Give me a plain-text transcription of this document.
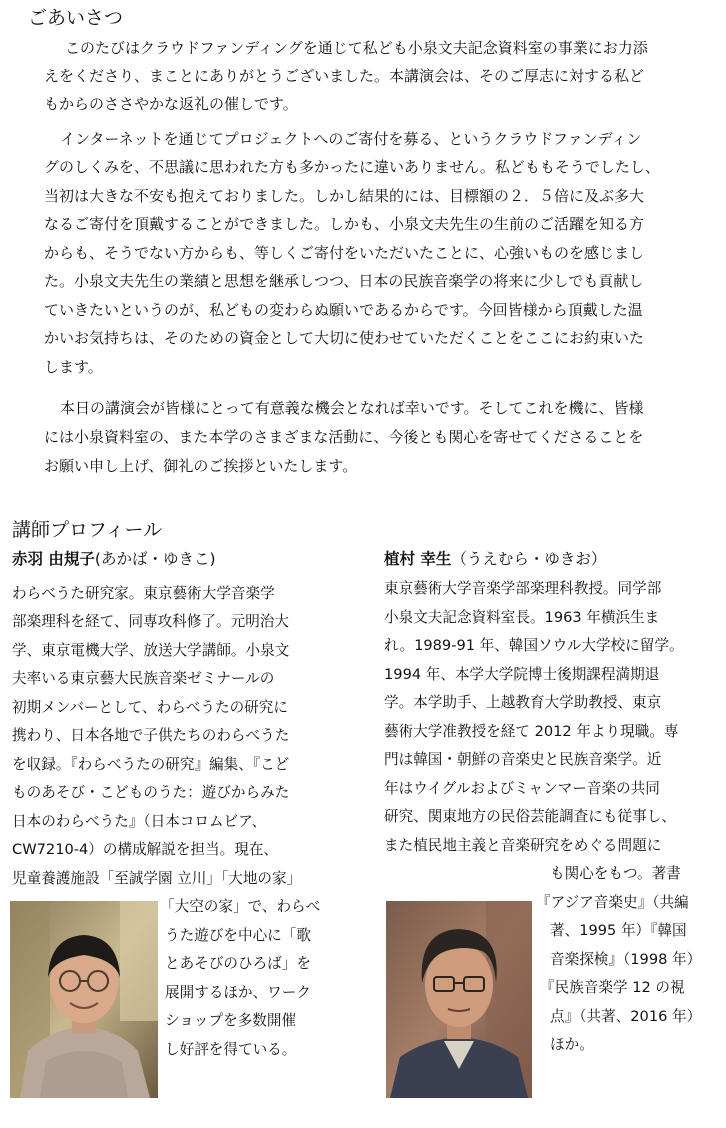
ごあいさつ
このたびはクラウドファンディングを通じて私ども小泉文夫記念資料室の事業にお力添
えをくださり、まことにありがとうございました。本講演会は、そのご厚志に対する私ど
もからのささやかな返礼の催しです。
インターネットを通じてプロジェクトへのご寄付を募る、というクラウドファンディン
グのしくみを、不思議に思われた方も多かったに違いありません。私どももそうでしたし、
当初は大きな不安も抱えておりました。しかし結果的には、目標額の２．５倍に及ぶ多大
なるご寄付を頂戴することができました。しかも、小泉文夫先生の生前のご活躍を知る方
からも、そうでない方からも、等しくご寄付をいただいたことに、心強いものを感じまし
た。小泉文夫先生の業績と思想を継承しつつ、日本の民族音楽学の将来に少しでも貢献し
ていきたいというのが、私どもの変わらぬ願いであるからです。今回皆様から頂戴した温
かいお気持ちは、そのための資金として大切に使わせていただくことをここにお約束いた
します。
本日の講演会が皆様にとって有意義な機会となれば幸いです。そしてこれを機に、皆様
には小泉資料室の、また本学のさまざまな活動に、今後とも関心を寄せてくださることを
お願い申し上げ、御礼のご挨拶といたします。
講師プロフィール
赤羽 由規子(あかば・ゆきこ)
わらべうた研究家。東京藝術大学音楽学
部楽理科を経て、同専攻科修了。元明治大
学、東京電機大学、放送大学講師。小泉文
夫率いる東京藝大民族音楽ゼミナールの
初期メンバーとして、わらべうたの研究に
携わり、日本各地で子供たちのわらべうた
を収録。『わらべうたの研究』編集、『こど
ものあそび・こどものうた：遊びからみた
日本のわらべうた』（日本コロムビア、
CW7210-4）の構成解説を担当。現在、
児童養護施設「至誠学園 立川」「大地の家」
「大空の家」で、わらべ
うた遊びを中心に「歌
とあそびのひろば」を
展開するほか、ワーク
ショップを多数開催
し好評を得ている。
植村 幸生（うえむら・ゆきお）
東京藝術大学音楽学部楽理科教授。同学部
小泉文夫記念資料室長。1963 年横浜生ま
れ。1989-91 年、韓国ソウル大学校に留学。
1994 年、本学大学院博士後期課程満期退
学。本学助手、上越教育大学助教授、東京
藝術大学准教授を経て 2012 年より現職。専
門は韓国・朝鮮の音楽史と民族音楽学。近
年はウイグルおよびミャンマー音楽の共同
研究、関東地方の民俗芸能調査にも従事し、
また植民地主義と音楽研究をめぐる問題に
も関心をもつ。著書
『アジア音楽史』（共編
著、1995 年）『韓国
音楽探検』（1998 年）
『民族音楽学 12 の視
点』（共著、2016 年）
ほか。
